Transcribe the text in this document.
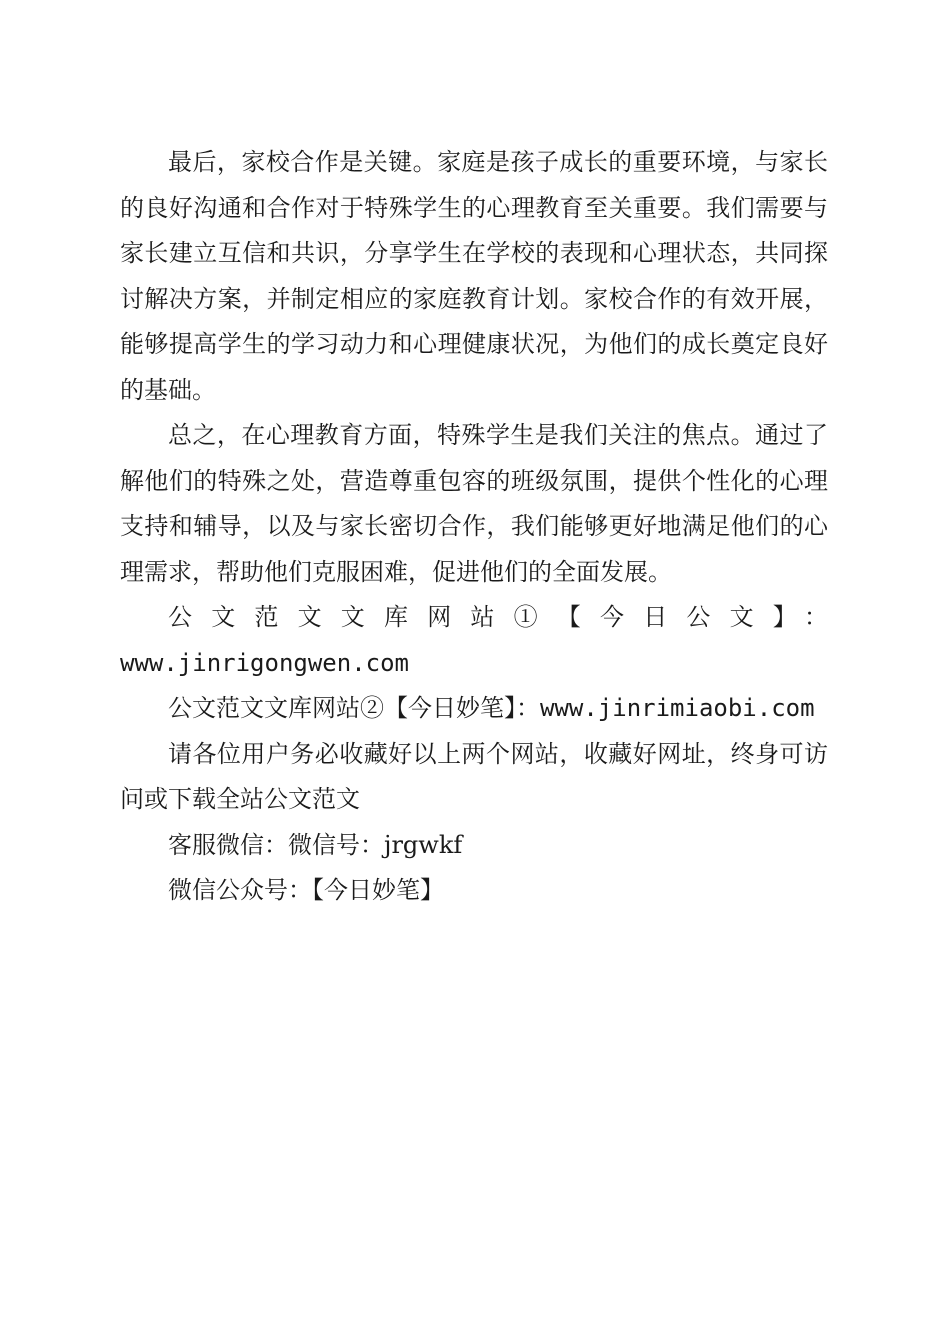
最后，家校合作是关键。家庭是孩子成长的重要环境，与家长的良好沟通和合作对于特殊学生的心理教育至关重要。我们需要与家长建立互信和共识，分享学生在学校的表现和心理状态，共同探讨解决方案，并制定相应的家庭教育计划。家校合作的有效开展，能够提高学生的学习动力和心理健康状况，为他们的成长奠定良好的基础。

总之，在心理教育方面，特殊学生是我们关注的焦点。通过了解他们的特殊之处，营造尊重包容的班级氛围，提供个性化的心理支持和辅导，以及与家长密切合作，我们能够更好地满足他们的心理需求，帮助他们克服困难，促进他们的全面发展。

公文范文文库网站①【今日公文】：

www.jinrigongwen.com

公文范文文库网站②【今日妙笔】：www.jinrimiaobi.com

请各位用户务必收藏好以上两个网站，收藏好网址，终身可访问或下载全站公文范文

客服微信：微信号：jrgwkf

微信公众号：【今日妙笔】
